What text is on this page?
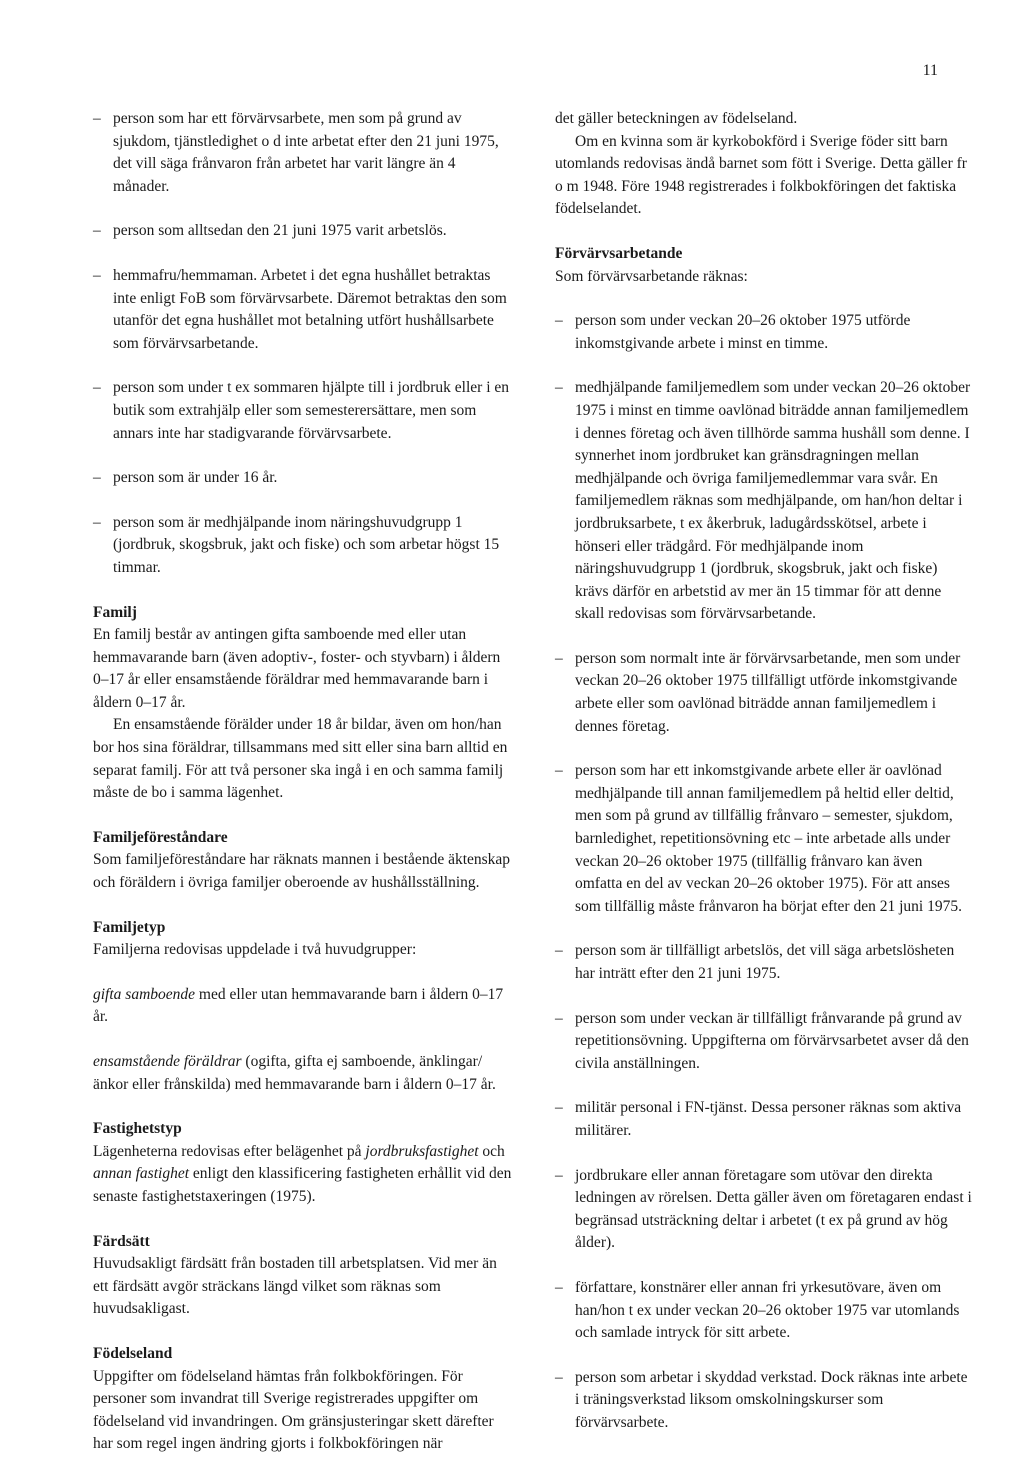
11
– person som har ett förvärvsarbete, men som på grund av sjukdom, tjänstledighet o d inte arbetat efter den 21 juni 1975, det vill säga frånvaron från arbetet har varit längre än 4 månader.
– person som alltsedan den 21 juni 1975 varit arbetslös.
– hemmafru/hemmaman. Arbetet i det egna hushållet betraktas inte enligt FoB som förvärvsarbete. Däremot betraktas den som utanför det egna hushållet mot betalning utfört hushållsarbete som förvärvsarbetande.
– person som under t ex sommaren hjälpte till i jordbruk eller i en butik som extrahjälp eller som semesterersättare, men som annars inte har stadigvarande förvärvsarbete.
– person som är under 16 år.
– person som är medhjälpande inom näringshuvudgrupp 1 (jordbruk, skogsbruk, jakt och fiske) och som arbetar högst 15 timmar.

Familj

En familj består av antingen gifta samboende med eller utan hemmavarande barn (även adoptiv-, foster- och styvbarn) i åldern 0–17 år eller ensamstående föräldrar med hemmavarande barn i åldern 0–17 år.

En ensamstående förälder under 18 år bildar, även om hon/han bor hos sina föräldrar, tillsammans med sitt eller sina barn alltid en separat familj. För att två personer ska ingå i en och samma familj måste de bo i samma lägenhet.

Familjeföreståndare

Som familjeföreståndare har räknats mannen i bestående äktenskap och föräldern i övriga familjer oberoende av hushållsställning.

Familjetyp

Familjerna redovisas uppdelade i två huvudgrupper:

gifta samboende med eller utan hemmavarande barn i åldern 0–17 år.

ensamstående föräldrar (ogifta, gifta ej samboende, änklingar/änkor eller frånskilda) med hemmavarande barn i åldern 0–17 år.

Fastighetstyp

Lägenheterna redovisas efter belägenhet på jordbruksfastighet och annan fastighet enligt den klassificering fastigheten erhållit vid den senaste fastighetstaxeringen (1975).

Färdsätt

Huvudsakligt färdsätt från bostaden till arbetsplatsen. Vid mer än ett färdsätt avgör sträckans längd vilket som räknas som huvudsakligast.

Födelseland

Uppgifter om födelseland hämtas från folkbokföringen. För personer som invandrat till Sverige registrerades uppgifter om födelseland vid invandringen. Om gränsjusteringar skett därefter har som regel ingen ändring gjorts i folkbokföringen när

det gäller beteckningen av födelseland.

Om en kvinna som är kyrkobokförd i Sverige föder sitt barn utomlands redovisas ändå barnet som fött i Sverige. Detta gäller fr o m 1948. Före 1948 registrerades i folkbokföringen det faktiska födelselandet.

Förvärvsarbetande

Som förvärvsarbetande räknas:

– person som under veckan 20–26 oktober 1975 utförde inkomstgivande arbete i minst en timme.
– medhjälpande familjemedlem som under veckan 20–26 oktober 1975 i minst en timme oavlönad biträdde annan familjemedlem i dennes företag och även tillhörde samma hushåll som denne. I synnerhet inom jordbruket kan gränsdragningen mellan medhjälpande och övriga familjemedlemmar vara svår. En familjemedlem räknas som medhjälpande, om han/hon deltar i jordbruksarbete, t ex åkerbruk, ladugårdsskötsel, arbete i hönseri eller trädgård. För medhjälpande inom näringshuvudgrupp 1 (jordbruk, skogsbruk, jakt och fiske) krävs därför en arbetstid av mer än 15 timmar för att denne skall redovisas som förvärvsarbetande.
– person som normalt inte är förvärvsarbetande, men som under veckan 20–26 oktober 1975 tillfälligt utförde inkomstgivande arbete eller som oavlönad biträdde annan familjemedlem i dennes företag.
– person som har ett inkomstgivande arbete eller är oavlönad medhjälpande till annan familjemedlem på heltid eller deltid, men som på grund av tillfällig frånvaro – semester, sjukdom, barnledighet, repetitionsövning etc – inte arbetade alls under veckan 20–26 oktober 1975 (tillfällig frånvaro kan även omfatta en del av veckan 20–26 oktober 1975). För att anses som tillfällig måste frånvaron ha börjat efter den 21 juni 1975.
– person som är tillfälligt arbetslös, det vill säga arbetslösheten har inträtt efter den 21 juni 1975.
– person som under veckan är tillfälligt frånvarande på grund av repetitionsövning. Uppgifterna om förvärvsarbetet avser då den civila anställningen.
– militär personal i FN-tjänst. Dessa personer räknas som aktiva militärer.
– jordbrukare eller annan företagare som utövar den direkta ledningen av rörelsen. Detta gäller även om företagaren endast i begränsad utsträckning deltar i arbetet (t ex på grund av hög ålder).
– författare, konstnärer eller annan fri yrkesutövare, även om han/hon t ex under veckan 20–26 oktober 1975 var utomlands och samlade intryck för sitt arbete.
– person som arbetar i skyddad verkstad. Dock räknas inte arbete i träningsverkstad liksom omskolningskurser som förvärvsarbete.
